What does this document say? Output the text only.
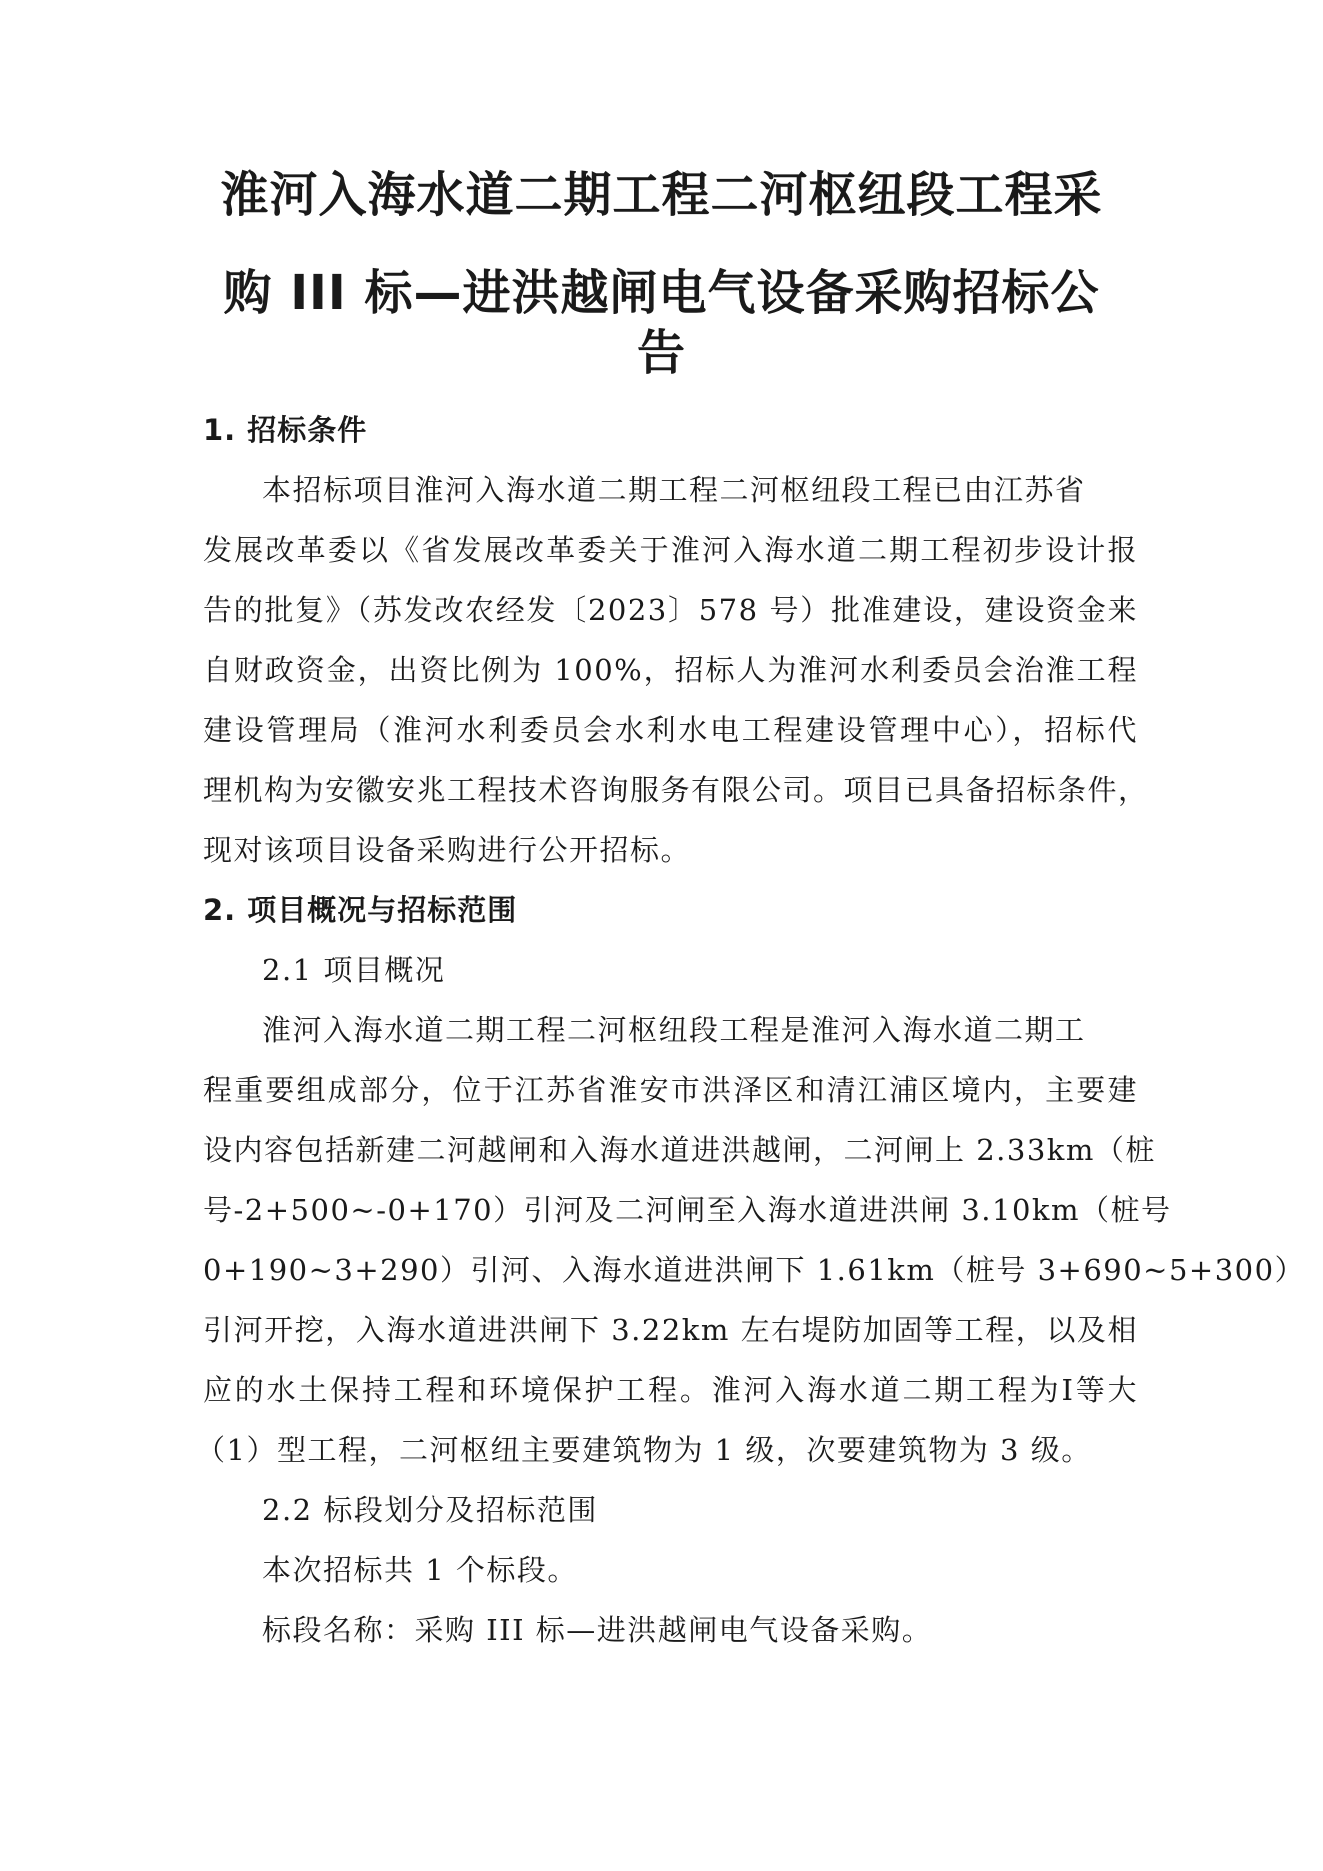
淮河入海水道二期工程二河枢纽段工程采
购 III 标—进洪越闸电气设备采购招标公告

1. 招标条件

本招标项目淮河入海水道二期工程二河枢纽段工程已由江苏省

发展改革委以《省发展改革委关于淮河入海水道二期工程初步设计报

告的批复》（苏发改农经发〔2023〕578 号）批准建设，建设资金来

自财政资金，出资比例为 100%，招标人为淮河水利委员会治淮工程

建设管理局（淮河水利委员会水利水电工程建设管理中心），招标代

理机构为安徽安兆工程技术咨询服务有限公司。项目已具备招标条件，

现对该项目设备采购进行公开招标。

2. 项目概况与招标范围

2.1 项目概况

淮河入海水道二期工程二河枢纽段工程是淮河入海水道二期工

程重要组成部分，位于江苏省淮安市洪泽区和清江浦区境内，主要建

设内容包括新建二河越闸和入海水道进洪越闸，二河闸上 2.33km（桩

号-2+500~-0+170）引河及二河闸至入海水道进洪闸 3.10km（桩号

0+190~3+290）引河、入海水道进洪闸下 1.61km（桩号 3+690~5+300）

引河开挖，入海水道进洪闸下 3.22km 左右堤防加固等工程，以及相

应的水土保持工程和环境保护工程。淮河入海水道二期工程为Ⅰ等大

（1）型工程，二河枢纽主要建筑物为 1 级，次要建筑物为 3 级。

2.2 标段划分及招标范围

本次招标共 1 个标段。

标段名称：采购 III 标—进洪越闸电气设备采购。
